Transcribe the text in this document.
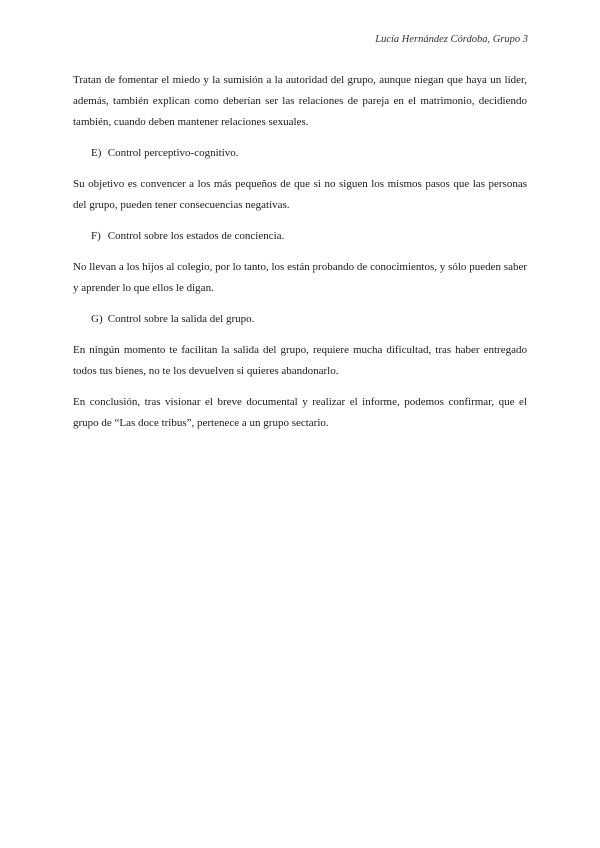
Lucía Hernández Córdoba, Grupo 3

Tratan de fomentar el miedo y la sumisión a la autoridad del grupo, aunque niegan que haya un líder, además, también explican como deberían ser las relaciones de pareja en el matrimonio, decidiendo también, cuando deben mantener relaciones sexuales.

E) Control perceptivo-cognitivo.

Su objetivo es convencer a los más pequeños de que si no siguen los mismos pasos que las personas del grupo, pueden tener consecuencias negativas.

F) Control sobre los estados de conciencia.

No llevan a los hijos al colegio, por lo tanto, los están probando de conocimientos, y sólo pueden saber y aprender lo que ellos le digan.

G) Control sobre la salida del grupo.

En ningún momento te facilitan la salida del grupo, requiere mucha dificultad, tras haber entregado todos tus bienes, no te los devuelven si quieres abandonarlo.

En conclusión, tras visionar el breve documental y realizar el informe, podemos confirmar, que el grupo de “Las doce tribus”, pertenece a un grupo sectario.
